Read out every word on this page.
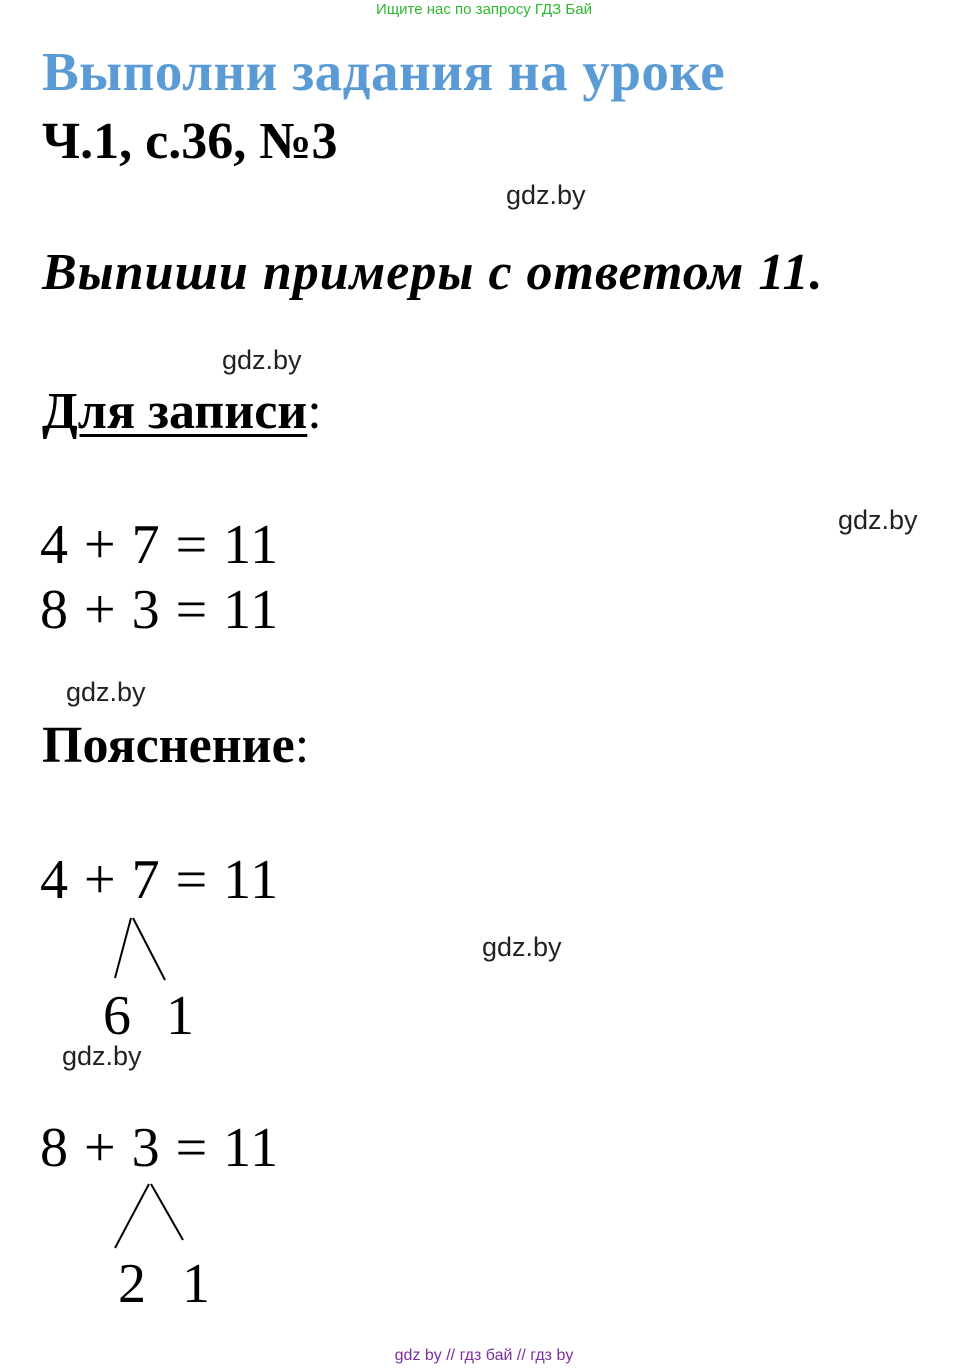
Ищите нас по запросу ГДЗ Бай
Выполни задания на уроке
Ч.1, с.36, №3
gdz.by
Выпиши примеры с ответом 11.
gdz.by
Для записи:
gdz.by
4 + 7 = 11
8 + 3 = 11
gdz.by
Пояснение:
4 + 7 = 11
gdz.by
6 1
gdz.by
8 + 3 = 11
2 1
gdz by // гдз бай // гдз by
